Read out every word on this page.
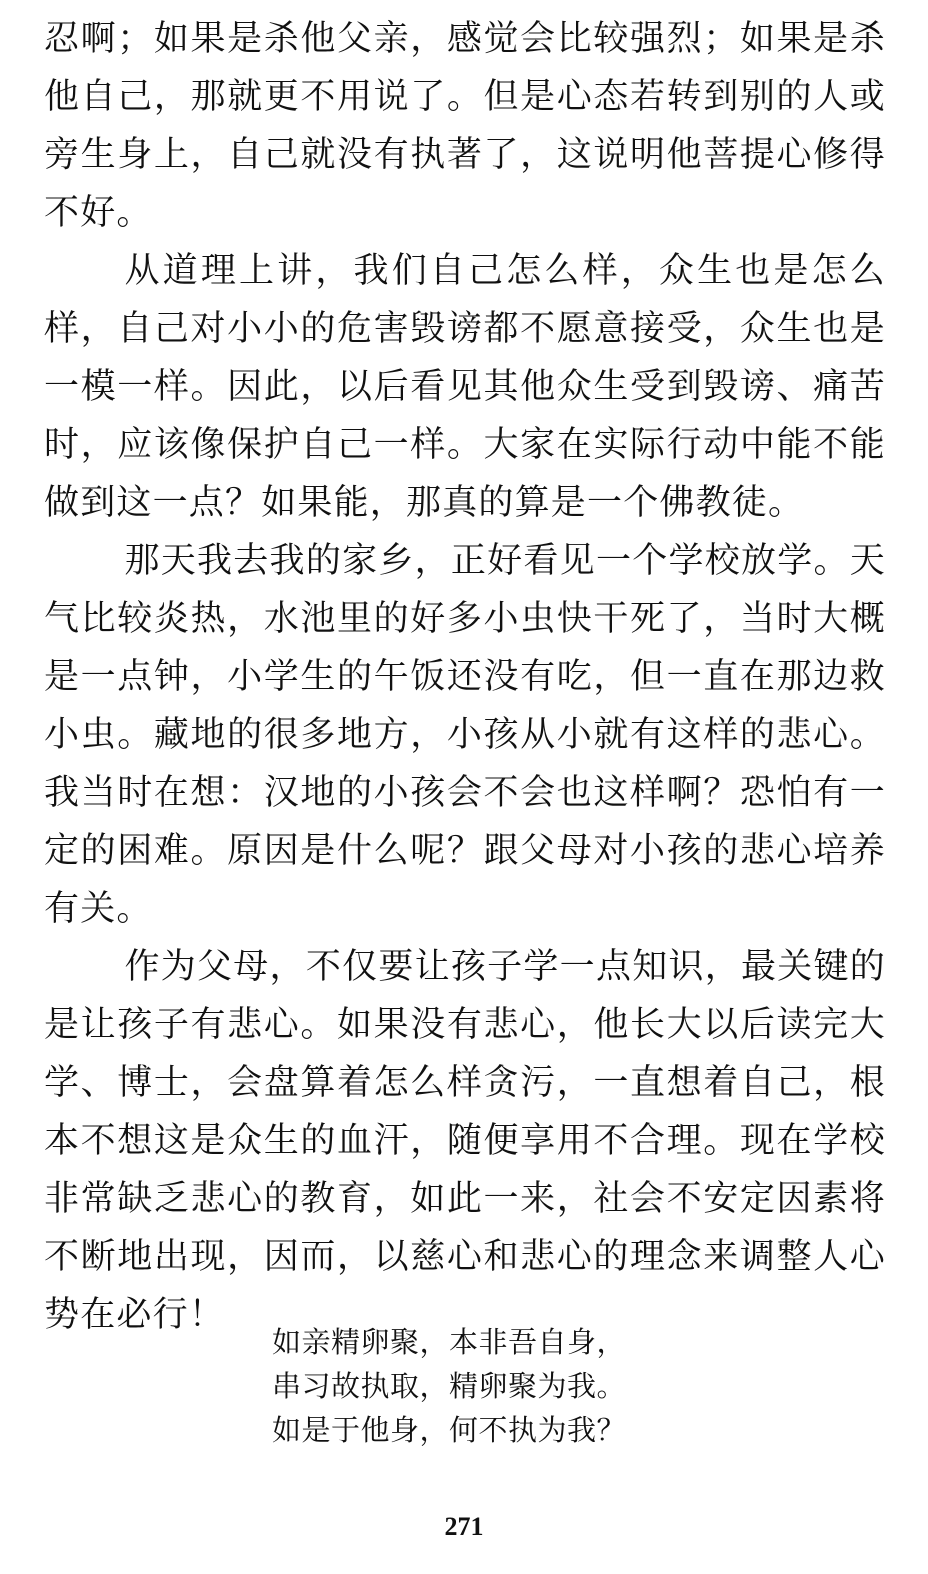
忍啊；如果是杀他父亲，感觉会比较强烈；如果是杀他自己，那就更不用说了。但是心态若转到别的人或旁生身上，自己就没有执著了，这说明他菩提心修得不好。

从道理上讲，我们自己怎么样，众生也是怎么样，自己对小小的危害毁谤都不愿意接受，众生也是一模一样。因此，以后看见其他众生受到毁谤、痛苦时，应该像保护自己一样。大家在实际行动中能不能做到这一点？如果能，那真的算是一个佛教徒。

那天我去我的家乡，正好看见一个学校放学。天气比较炎热，水池里的好多小虫快干死了，当时大概是一点钟，小学生的午饭还没有吃，但一直在那边救小虫。藏地的很多地方，小孩从小就有这样的悲心。我当时在想：汉地的小孩会不会也这样啊？恐怕有一定的困难。原因是什么呢？跟父母对小孩的悲心培养有关。

作为父母，不仅要让孩子学一点知识，最关键的是让孩子有悲心。如果没有悲心，他长大以后读完大学、博士，会盘算着怎么样贪污，一直想着自己，根本不想这是众生的血汗，随便享用不合理。现在学校非常缺乏悲心的教育，如此一来，社会不安定因素将不断地出现，因而，以慈心和悲心的理念来调整人心势在必行！

如亲精卵聚，本非吾自身，
串习故执取，精卵聚为我。
如是于他身，何不执为我？
271
